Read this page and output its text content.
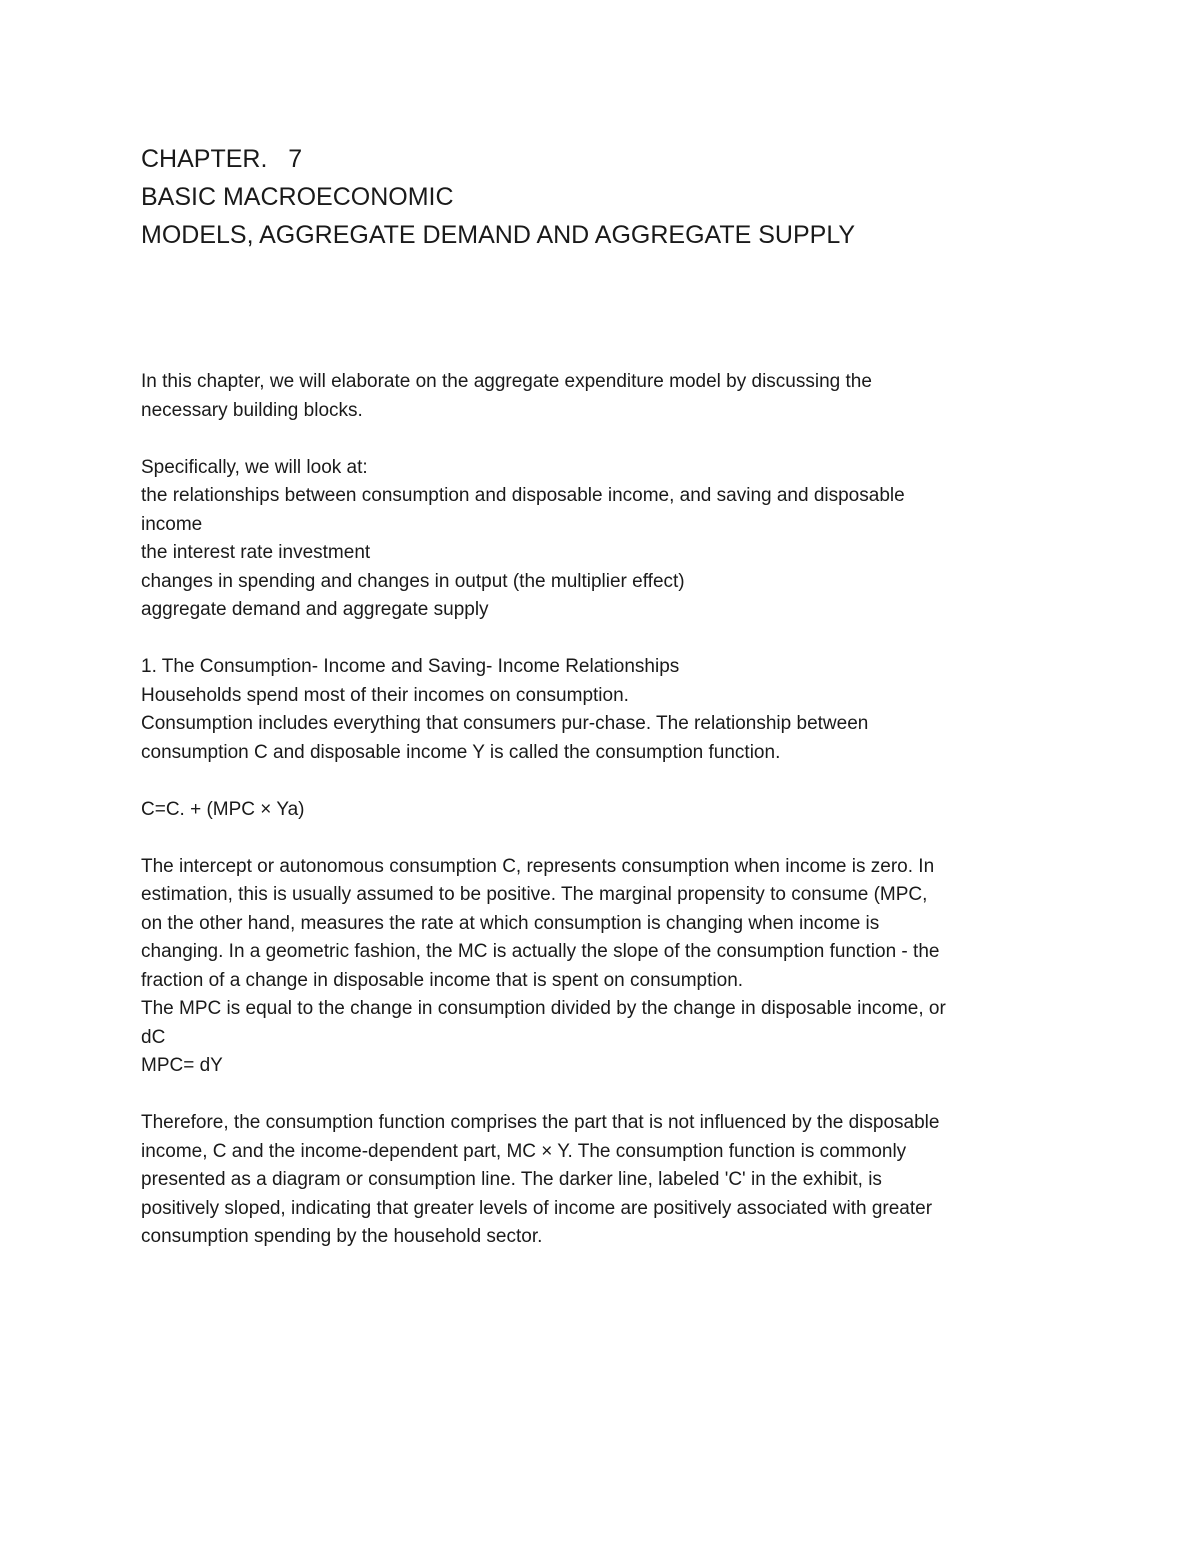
CHAPTER.   7
BASIC MACROECONOMIC
MODELS, AGGREGATE DEMAND AND AGGREGATE SUPPLY
In this chapter, we will elaborate on the aggregate expenditure model by discussing the
necessary building blocks.
Specifically, we will look at:
the relationships between consumption and disposable income, and saving and disposable
income
the interest rate investment
changes in spending and changes in output (the multiplier effect)
aggregate demand and aggregate supply
1. The Consumption- Income and Saving- Income Relationships
Households spend most of their incomes on consumption.
Consumption includes everything that consumers pur-chase. The relationship between
consumption C and disposable income Y is called the consumption function.
C=C. + (MPC × Ya)
The intercept or autonomous consumption C, represents consumption when income is zero. In
estimation, this is usually assumed to be positive. The marginal propensity to consume (MPC,
on the other hand, measures the rate at which consumption is changing when income is
changing. In a geometric fashion, the MC is actually the slope of the consumption function - the
fraction of a change in disposable income that is spent on consumption.
The MPC is equal to the change in consumption divided by the change in disposable income, or
dC
MPC= dY
Therefore, the consumption function comprises the part that is not influenced by the disposable
income, C and the income-dependent part, MC × Y. The consumption function is commonly
presented as a diagram or consumption line. The darker line, labeled 'C' in the exhibit, is
positively sloped, indicating that greater levels of income are positively associated with greater
consumption spending by the household sector.
